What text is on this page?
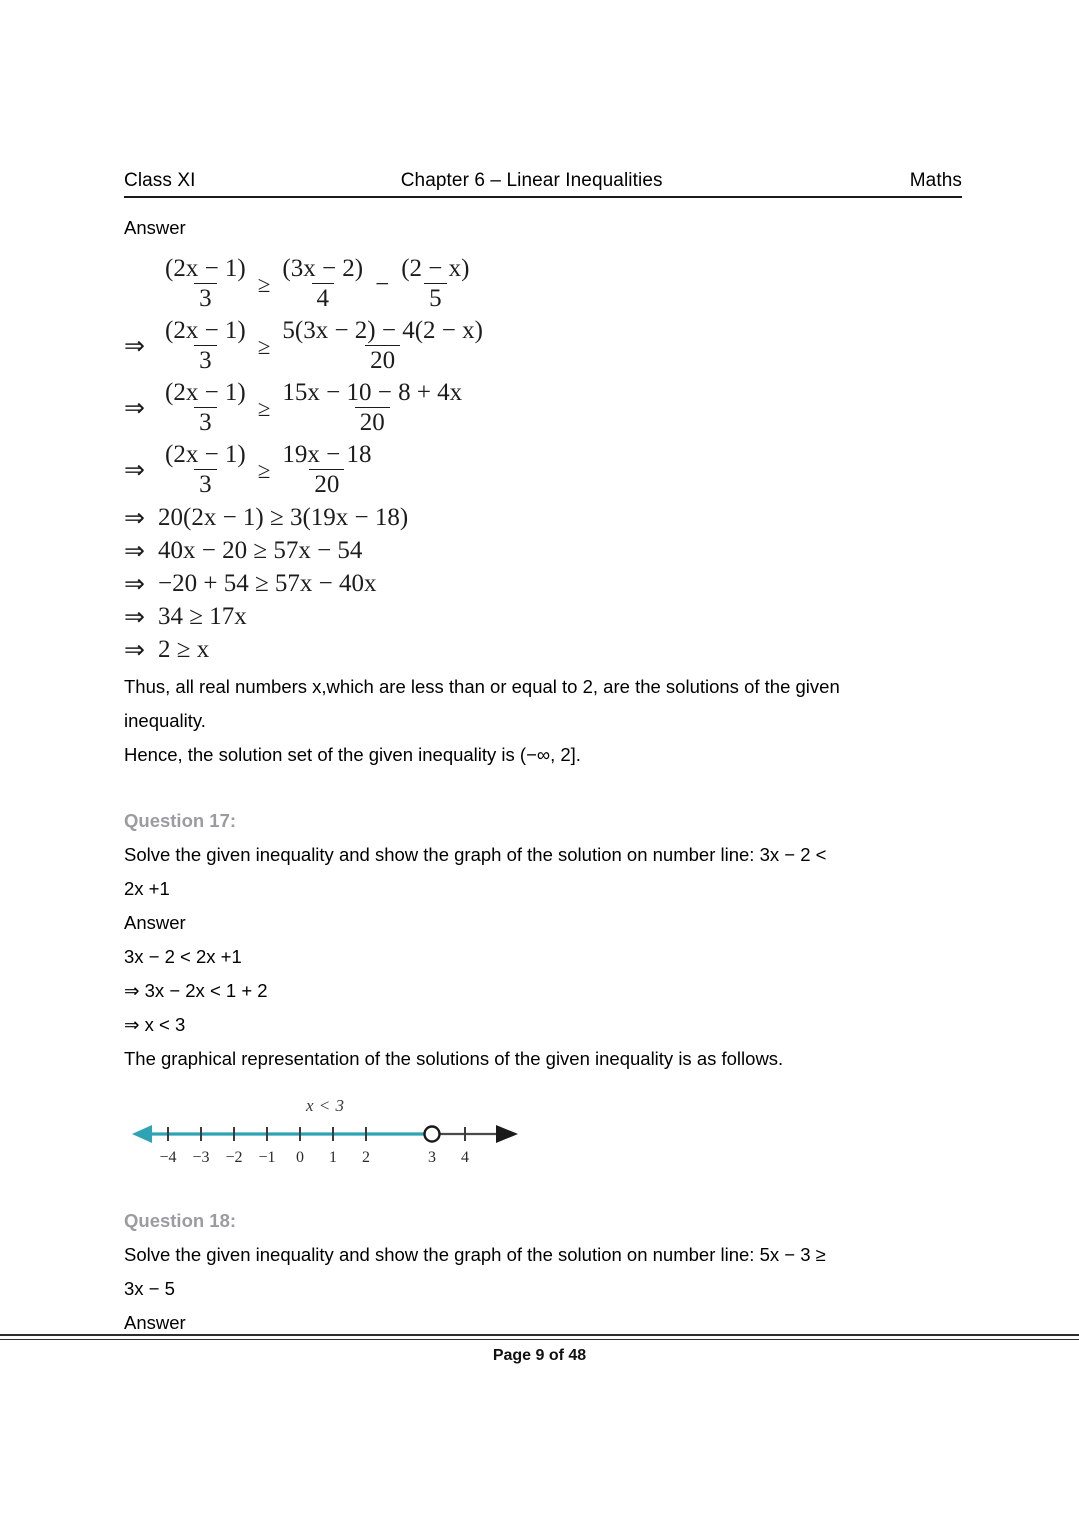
Class XI	Chapter 6 – Linear Inequalities	Maths
Answer
$\frac{(2x - 1)}{3} \ge \frac{(3x - 2)}{4} - \frac{(2 - x)}{5}$
⇒ $\frac{(2x - 1)}{3} \ge \frac{5(3x - 2) - 4(2 - x)}{20}$
⇒ $\frac{(2x - 1)}{3} \ge \frac{15x - 10 - 8 + 4x}{20}$
⇒ $\frac{(2x - 1)}{3} \ge \frac{19x - 18}{20}$
⇒ 20(2x − 1) ≥ 3(19x − 18)
⇒ 40x − 20 ≥ 57x − 54
⇒ −20 + 54 ≥ 57x − 40x
⇒ 34 ≥ 17x
⇒ 2 ≥ x
Thus, all real numbers x,which are less than or equal to 2, are the solutions of the given
inequality.
Hence, the solution set of the given inequality is (−∞, 2].
Question 17:
Solve the given inequality and show the graph of the solution on number line: 3x − 2 <
2x +1
Answer
3x − 2 < 2x +1
⇒ 3x − 2x < 1 + 2
⇒ x < 3
The graphical representation of the solutions of the given inequality is as follows.
x < 3
−4 −3 −2 −1 0 1 2	3 4
Question 18:
Solve the given inequality and show the graph of the solution on number line: 5x − 3 ≥
3x − 5
Answer
Page 9 of 48
